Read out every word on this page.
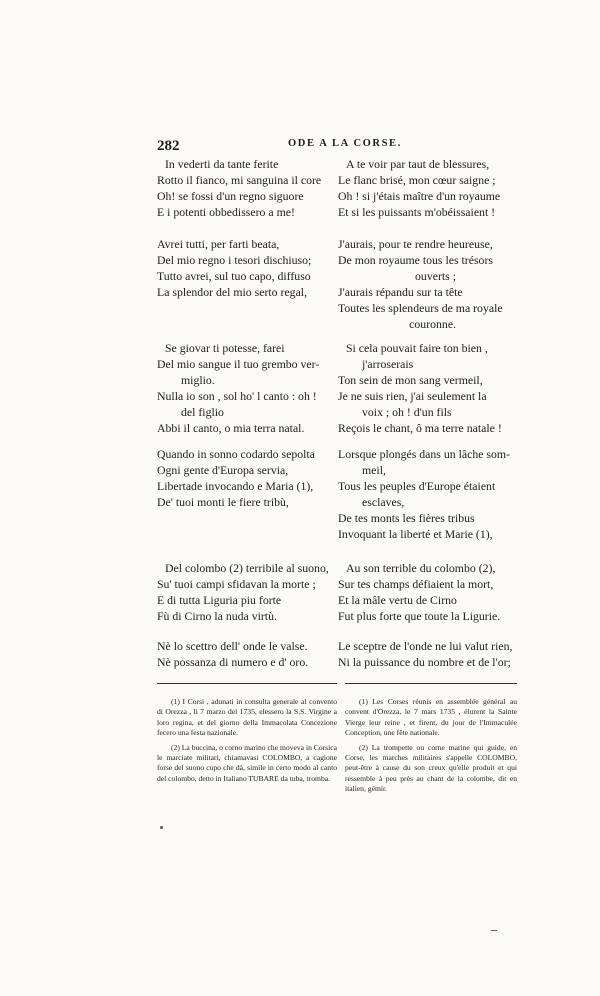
282	ODE A LA CORSE.
In vederti da tante ferite
Rotto il fianco, mi sanguina il core
Oh! se fossi d'un regno siguore
E i potenti obbedissero a me!
Avrei tutti, per farti beata,
Del mio regno i tesori dischiuso;
Tutto avrei, sul tuo capo, diffuso
La splendor del mio serto regal,
Se giovar ti potesse, farei
Del mio sangue il tuo grembo ver-
miglio.
Nulla io son , sol ho' l canto : oh !
del figlio
Abbi il canto, o mia terra natal.
Quando in sonno codardo sepolta
Ogni gente d'Europa servia,
Libertade invocando e Maria (1),
De' tuoi monti le fiere tribù,
Del colombo (2) terribile al suono,
Su' tuoi campi sfidavan la morte ;
E di tutta Liguria piu forte
Fù di Cirno la nuda virtù.
Nè lo scettro dell' onde le valse.
Nè possanza di numero e d' oro.
A te voir par taut de blessures,
Le flanc brisé, mon cœur saigne ;
Oh ! si j'étais maître d'un royaume
Et si les puissants m'obéissaient !
J'aurais, pour te rendre heureuse,
De mon royaume tous les trésors
ouverts ;
J'aurais répandu sur ta tête
Toutes les splendeurs de ma royale
couronne.
Si cela pouvait faire ton bien ,
j'arroserais
Ton sein de mon sang vermeil,
Je ne suis rien, j'ai seulement la
voix ; oh ! d'un fils
Reçois le chant, ô ma terre natale !
Lorsque plongés dans un lâche som-
meil,
Tous les peuples d'Europe étaient
esclaves,
De tes monts les fières tribus
Invoquant la liberté et Marie (1),
Au son terrible du colombo (2),
Sur tes champs défiaient la mort,
Et la mâle vertu de Cirno
Fut plus forte que toute la Ligurie.
Le sceptre de l'onde ne lui valut rien,
Ni la puissance du nombre et de l'or;

(1) I Corsi , adunati in consulta generale al convento di Orezza , li 7 marzo del 1735, elessero la S.S. Virgine a loro regina, et del giorno della Immacolata Concezione fecero una festa nazionale.

(2) La buccina, o corno marino che moveva in Corsica le marciate militari, chiamavasi COLOMBO, a cagione forse del suono cupo che dà, simile in certo modo al canto del colombo, detto in Italiano TUBARE da tuba, tromba.

(1) Les Corses réunis en assemblée général au convent d'Orezza, le 7 mars 1735 , élurent la Sainte Vierge leur reine , et firent, du jour de l'Immaculée Conception, une fête nationale.

(2) La trompette ou corne marine qui guide, en Corse, les marches militaires s'appelle COLOMBO, peut-être à cause du son creux qu'elle produit et qui ressemble à peu près au chant de la colombe, dit en italien, gémir.
